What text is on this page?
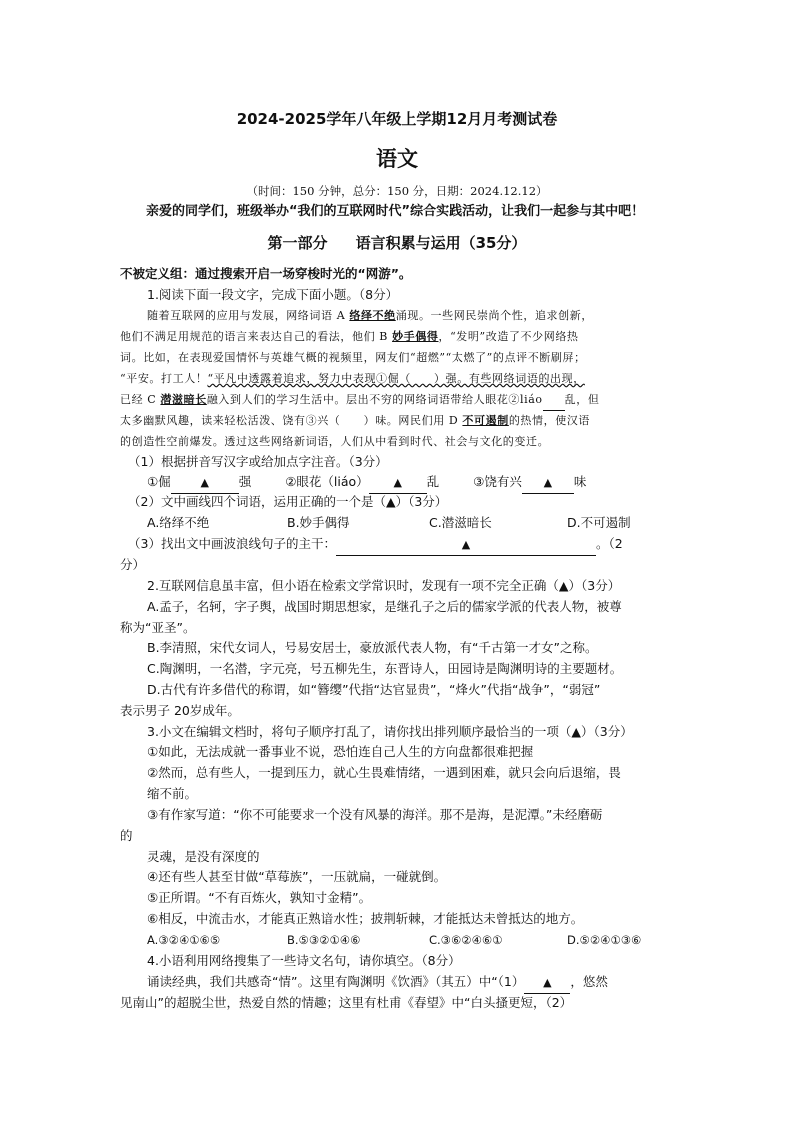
2024-2025学年八年级上学期12月月考测试卷
语文
（时间：150 分钟，总分：150 分，日期：2024.12.12）
亲爱的同学们，班级举办“我们的互联网时代”综合实践活动，让我们一起参与其中吧！
第一部分 语言积累与运用（35分）
不被定义组：通过搜索开启一场穿梭时光的“网游”。
1.阅读下面一段文字，完成下面小题。（8分）
随着互联网的应用与发展，网络词语 A 络绎不绝涌现。一些网民崇尚个性，追求创新，
他们不满足用规范的语言来表达自己的看法，他们 B 妙手偶得，“发明”改造了不少网络热
词。比如，在表现爱国情怀与英雄气概的视频里，网友们“超燃”“太燃了”的点评不断刷屏；
“平安。打工人！“平凡中透露着追求，努力中表现①倔（　　）强。有些网络词语的出现，
已经 C 潜滋暗长融入到人们的学习生活中。层出不穷的网络词语带给人眼花②liáo 乱，但
太多幽默风趣，读来轻松活泼、饶有③兴（　　）味。网民们用 D 不可遏制的热情，使汉语
的创造性空前爆发。透过这些网络新词语，人们从中看到时代、社会与文化的变迁。
（1）根据拼音写汉字或给加点字注音。（3分）
①倔	▲ 强	②眼花（liáo） ▲ 乱	③饶有兴 ▲ 味
（2）文中画线四个词语，运用正确的一个是（▲）（3分）
A.络绎不绝	B.妙手偶得	C.潜滋暗长	D.不可遏制
（3）找出文中画波浪线句子的主干：	▲	。（2
分）
2.互联网信息虽丰富，但小语在检索文学常识时，发现有一项不完全正确（▲）（3分）
A.孟子，名轲，字子舆，战国时期思想家，是继孔子之后的儒家学派的代表人物，被尊
称为“亚圣”。
B.李清照，宋代女词人，号易安居士，豪放派代表人物，有“千古第一才女”之称。
C.陶渊明，一名潜，字元亮，号五柳先生，东晋诗人，田园诗是陶渊明诗的主要题材。
D.古代有许多借代的称谓，如“簪缨”代指“达官显贵”，“烽火”代指“战争”，“弱冠”
表示男子 20岁成年。
3.小文在编辑文档时，将句子顺序打乱了，请你找出排列顺序最恰当的一项（▲）（3分）
①如此，无法成就一番事业不说，恐怕连自己人生的方向盘都很难把握
②然而，总有些人，一提到压力，就心生畏难情绪，一遇到困难，就只会向后退缩，畏
缩不前。
③有作家写道：“你不可能要求一个没有风暴的海洋。那不是海，是泥潭。”未经磨砺
的
灵魂，是没有深度的
④还有些人甚至甘做“草莓族”，一压就扁，一碰就倒。
⑤正所谓。“不有百炼火，孰知寸金精”。
⑥相反，中流击水，才能真正熟谙水性；披荆斩棘，才能抵达未曾抵达的地方。
A.③②④①⑥⑤	B.⑤③②①④⑥	C.③⑥②④⑥①	D.⑤②④①③⑥
4.小语利用网络搜集了一些诗文名句，请你填空。（8分）
诵读经典，我们共感奇“情”。这里有陶渊明《饮酒》（其五）中“（1） ▲ ，悠然
见南山”的超脱尘世，热爱自然的情趣；这里有杜甫《春望》中“白头搔更短，（2）
